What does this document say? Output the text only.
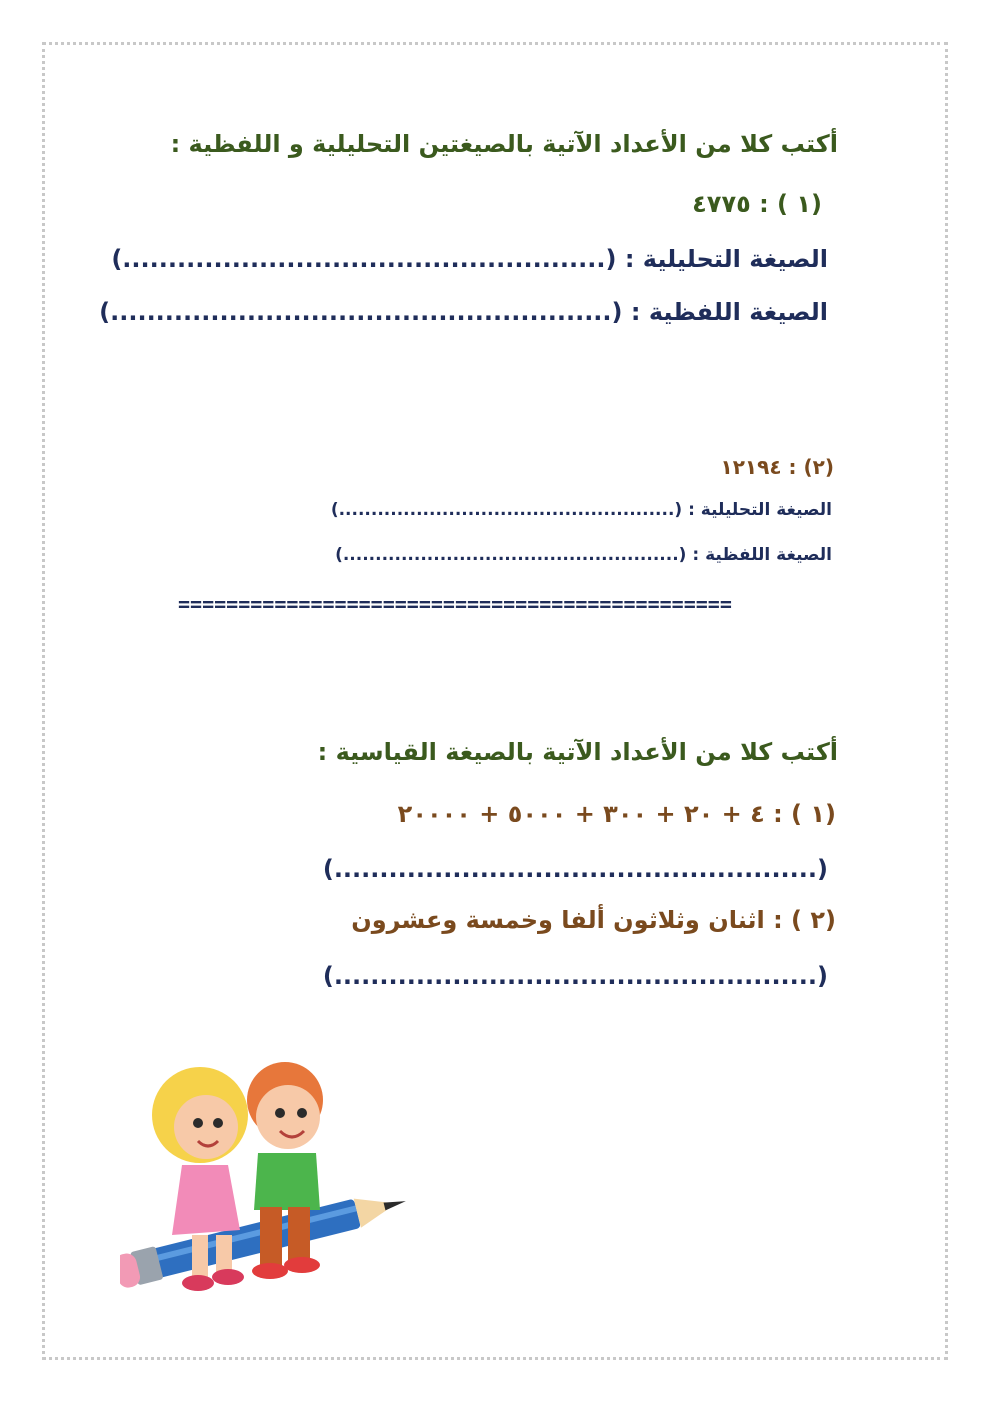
أكتب كلا من الأعداد الآتية بالصيغتين التحليلية و اللفظية :
(١ ) : ٤٧٧٥
الصيغة التحليلية : (.....................................................)
الصيغة اللفظية : (.......................................................)
(٢) : ١٢١٩٤
الصيغة التحليلية : (....................................................)
الصيغة اللفظية : (....................................................)
==============================================
أكتب كلا من الأعداد الآتية بالصيغة القياسية :
(١ ) : ٤ + ٢٠ + ٣٠٠ + ٥٠٠٠ + ٢٠٠٠٠
(.....................................................)
(٢ ) : اثنان وثلاثون ألفا وخمسة وعشرون
(.....................................................)
